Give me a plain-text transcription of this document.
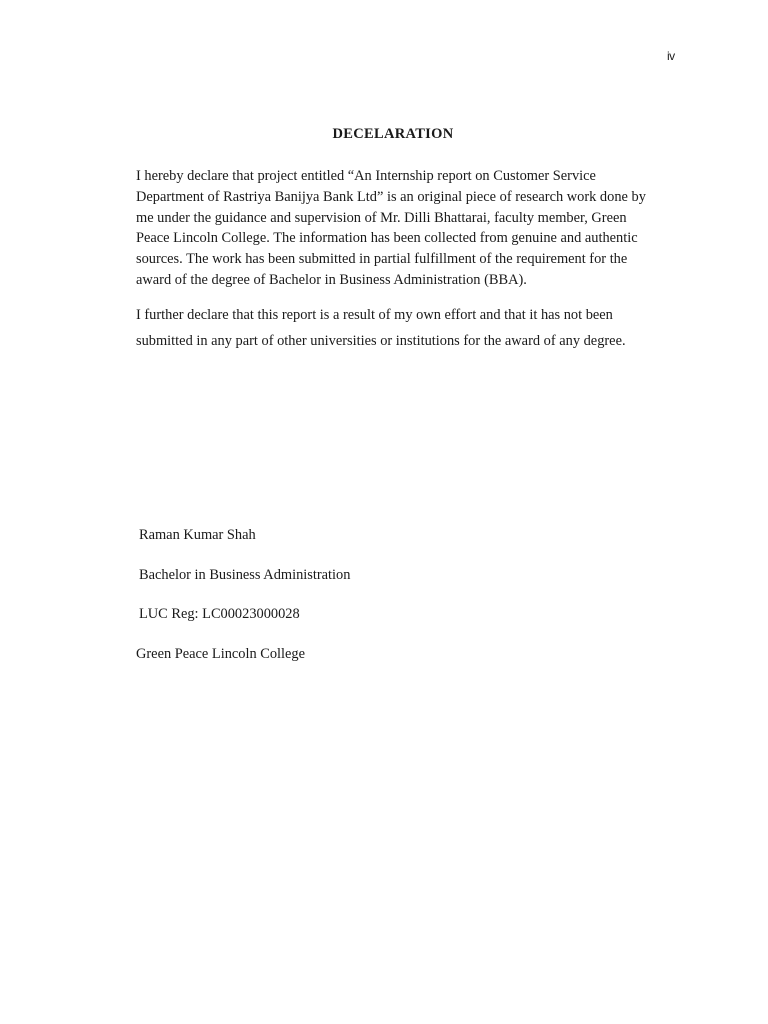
iv
DECELARATION

I hereby declare that project entitled “An Internship report on Customer Service
Department of Rastriya Banijya Bank Ltd” is an original piece of research work done by
me under the guidance and supervision of Mr. Dilli Bhattarai, faculty member, Green
Peace Lincoln College. The information has been collected from genuine and authentic
sources. The work has been submitted in partial fulfillment of the requirement for the
award of the degree of Bachelor in Business Administration (BBA).

I further declare that this report is a result of my own effort and that it has not been
submitted in any part of other universities or institutions for the award of any degree.

Raman Kumar Shah
Bachelor in Business Administration
LUC Reg: LC00023000028
Green Peace Lincoln College
